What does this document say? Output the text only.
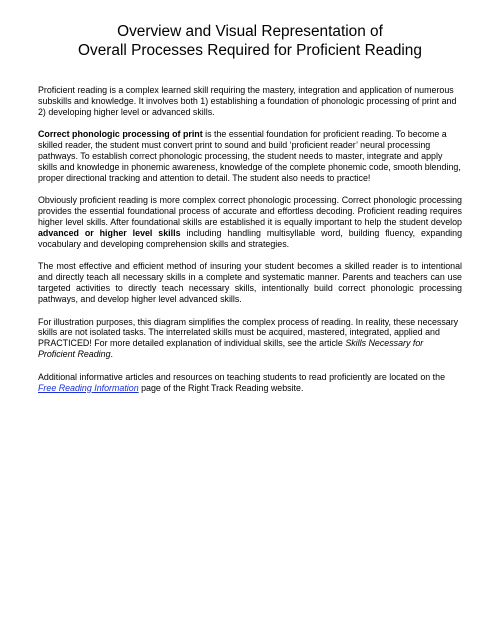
Overview and Visual Representation of
Overall Processes Required for Proficient Reading

Proficient reading is a complex learned skill requiring the mastery, integration and application of numerous subskills and knowledge. It involves both 1) establishing a foundation of phonologic processing of print and 2) developing higher level or advanced skills.

Correct phonologic processing of print is the essential foundation for proficient reading. To become a skilled reader, the student must convert print to sound and build ‘proficient reader’ neural processing pathways. To establish correct phonologic processing, the student needs to master, integrate and apply skills and knowledge in phonemic awareness, knowledge of the complete phonemic code, smooth blending, proper directional tracking and attention to detail. The student also needs to practice!

Obviously proficient reading is more complex correct phonologic processing. Correct phonologic processing provides the essential foundational process of accurate and effortless decoding. Proficient reading requires higher level skills. After foundational skills are established it is equally important to help the student develop advanced or higher level skills including handling multisyllable word, building fluency, expanding vocabulary and developing comprehension skills and strategies.

The most effective and efficient method of insuring your student becomes a skilled reader is to intentional and directly teach all necessary skills in a complete and systematic manner. Parents and teachers can use targeted activities to directly teach necessary skills, intentionally build correct phonologic processing pathways, and develop higher level advanced skills.

For illustration purposes, this diagram simplifies the complex process of reading. In reality, these necessary skills are not isolated tasks. The interrelated skills must be acquired, mastered, integrated, applied and PRACTICED! For more detailed explanation of individual skills, see the article Skills Necessary for Proficient Reading.

Additional informative articles and resources on teaching students to read proficiently are located on the Free Reading Information page of the Right Track Reading website.
